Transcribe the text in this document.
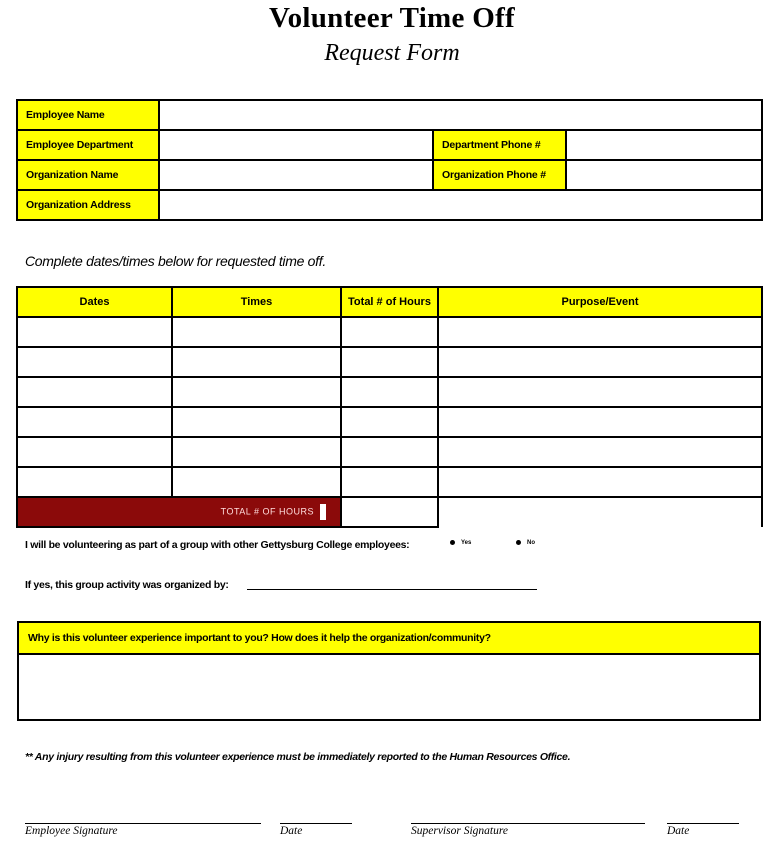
Volunteer Time Off
Request Form
Employee Name			
Employee Department		Department Phone #	
Organization Name		Organization Phone #	
Organization Address			
Complete dates/times below for requested time off.
Dates	Times	Total # of Hours	Purpose/Event

TOTAL # OF HOURS			
I will be volunteering as part of a group with other Gettysburg College employees:	Yes	No
If yes, this group activity was organized by:
Why is this volunteer experience important to you? How does it help the organization/community?
** Any injury resulting from this volunteer experience must be immediately reported to the Human Resources Office.
Employee Signature	Date	Supervisor Signature	Date
